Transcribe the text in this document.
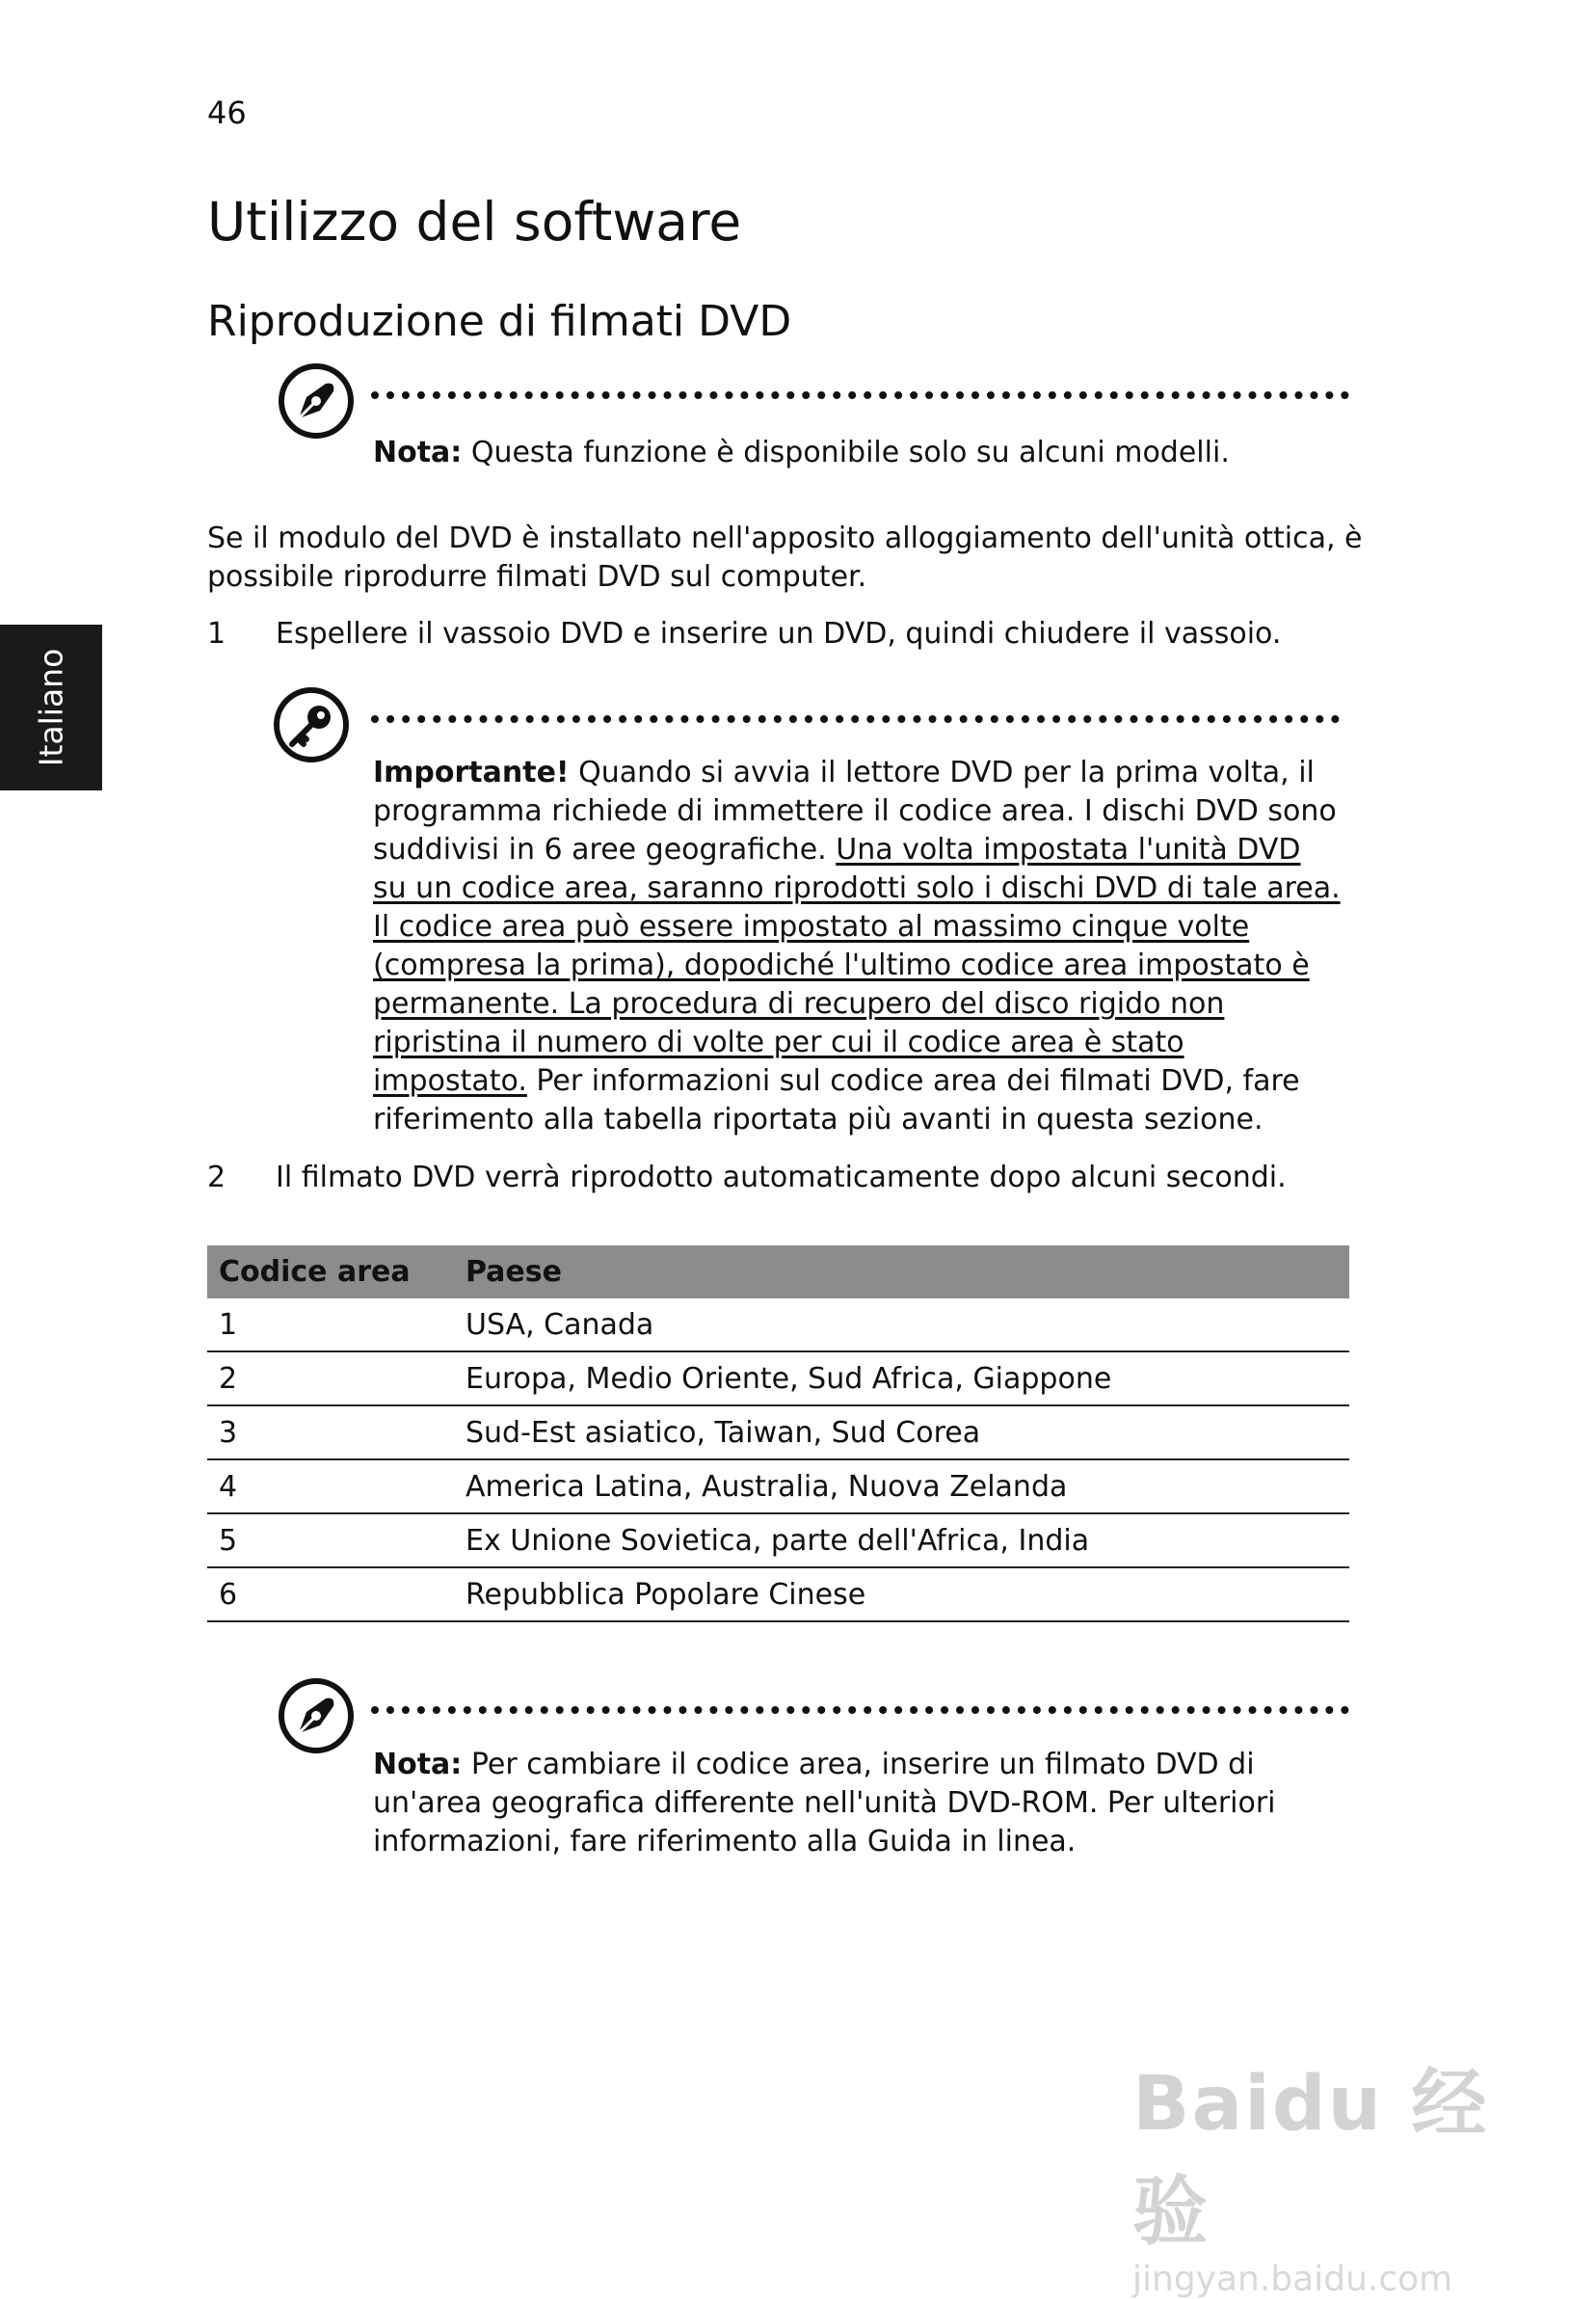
46
Italiano
Utilizzo del software
Riproduzione di filmati DVD
Nota: Questa funzione è disponibile solo su alcuni modelli.
Se il modulo del DVD è installato nell'apposito alloggiamento dell'unità ottica, è possibile riprodurre filmati DVD sul computer.
1 Espellere il vassoio DVD e inserire un DVD, quindi chiudere il vassoio.
Importante! Quando si avvia il lettore DVD per la prima volta, il programma richiede di immettere il codice area. I dischi DVD sono suddivisi in 6 aree geografiche. Una volta impostata l'unità DVD su un codice area, saranno riprodotti solo i dischi DVD di tale area. Il codice area può essere impostato al massimo cinque volte (compresa la prima), dopodiché l'ultimo codice area impostato è permanente. La procedura di recupero del disco rigido non ripristina il numero di volte per cui il codice area è stato impostato. Per informazioni sul codice area dei filmati DVD, fare riferimento alla tabella riportata più avanti in questa sezione.
2 Il filmato DVD verrà riprodotto automaticamente dopo alcuni secondi.
Codice area	Paese
1	USA, Canada
2	Europa, Medio Oriente, Sud Africa, Giappone
3	Sud-Est asiatico, Taiwan, Sud Corea
4	America Latina, Australia, Nuova Zelanda
5	Ex Unione Sovietica, parte dell'Africa, India
6	Repubblica Popolare Cinese
Nota: Per cambiare il codice area, inserire un filmato DVD di un'area geografica differente nell'unità DVD-ROM. Per ulteriori informazioni, fare riferimento alla Guida in linea.
Baidu 经验
jingyan.baidu.com
